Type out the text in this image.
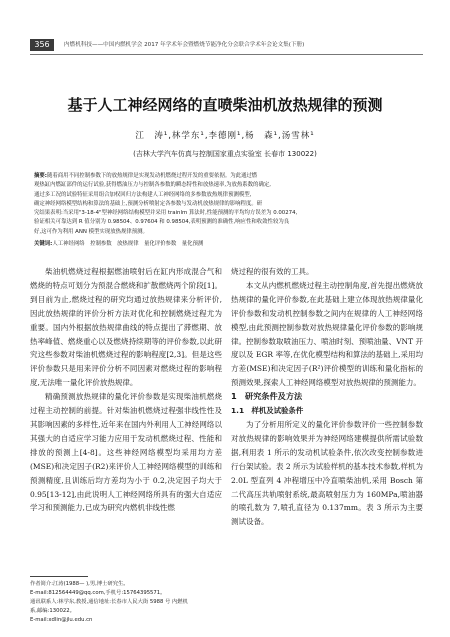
356	内燃机科技——中国内燃机学会 2017 年学术年会暨燃烧节能净化分会联合学术年会论文集(下册)
基于人工神经网络的直喷柴油机放热规律的预测
江　涛¹,林学东¹,李德刚¹,杨　森¹,汤雪林¹
(吉林大学汽车仿真与控制国家重点实验室 长春市 130022)
摘要:随着商用不同控制参数下的放热规律是实现发动机燃烧过程开发的重要依据。为此通过燃
观热缸内燃缸部件的运行试验,获得燃油压力与控制各参数的瞬态特性和放热速率,为放热系数的确定,
通过多工况的试验特征采用组合加权回归方法构建人工神经网络的多参数放热规律预测模型,
确定神经网络模型结构和算法的基础上,预测分析喷射定各参数与发动机放热规律的影响程度。研
究结果表明:当采用"3-18-4"型神经网络结构模型并采用 trainlm 算法时,性能预测的平均均方误差为 0.00274,
验证相关可靠达到 R 值分别为 0.98504、0.97604 和 0.98504,表明预测的准确性,响应性和收敛性较为良
好,这可作为利用 ANN 模型实现放热规律预测。
关键词:人工神经网络　控制参数　放热规律　量化评价参数　量化预测

柴油机燃烧过程根据燃油喷射后在缸内形成混合气和燃烧的特点可划分为预混合燃烧和扩散燃烧两个阶段[1]。到目前为止,燃烧过程的研究均通过放热规律来分析评价,因此放热规律的评价分析方法对优化和控制燃烧过程尤为重要。国内外根据放热规律曲线的特点提出了滞燃期、放热率峰值、燃烧重心以及燃烧持续期等的评价参数,以此研究这些参数对柴油机燃烧过程的影响程度[2,3]。但是这些评价参数只是用来评价分析不同因素对燃烧过程的影响程度,无法唯一量化评价放热规律。

精确预测放热规律的量化评价参数是实现柴油机燃烧过程主动控制的前提。针对柴油机燃烧过程强非线性性及其影响因素的多样性,近年来在国内外利用人工神经网络以其强大的自适应学习能力应用于发动机燃烧过程、性能和排放的预测上[4-8]。这些神经网络模型均采用均方差(MSE)和决定因子(R2)来评价人工神经网络模型的训练和预测精度,且训练后均方差均为小于 0.2,决定因子均大于 0.95[13-12],由此说明人工神经网络所具有的强大自适应学习和预测能力,已成为研究内燃机非线性燃

烧过程的很有效的工具。

本文从内燃机燃烧过程主动控制角度,首先提出燃烧放热规律的量化评价参数,在此基础上建立体现放热规律量化评价参数和发动机控制参数之间内在规律的人工神经网络模型,由此预测控制参数对放热规律量化评价参数的影响规律。控制参数取喷油压力、喷油时刻、预喷油量、VNT 开度以及 EGR 率等,在优化模型结构和算法的基础上,采用均方差(MSE)和决定因子(R²)评价模型的训练和量化指标的预测效果,探索人工神经网络模型对放热规律的预测能力。

1　研究条件及方法

1.1　样机及试验条件

为了分析用所定义的量化评价参数评价一些控制参数对放热规律的影响效果并为神经网络建模提供所需试验数据,利用表 1 所示的发动机试验条件,依次改变控制参数进行台架试验。表 2 所示为试验样机的基本技术参数,样机为 2.0L 型直列 4 冲程增压中冷直喷柴油机,采用 Bosch 第二代高压共轨喷射系统,最高喷射压力为 160MPa,喷油器的喷孔数为 7,喷孔直径为 0.137mm。表 3 所示为主要测试设备。

作者简介:江涛(1988— ),男,博士研究生。
E-mail:812564449@qq.com,手机号:15764395571。
通讯联系人:林学东,教授,通信地址:长春市人民大街 5988 号 内燃机
系,邮编:130022。
E-mail:xdlin@jlu.edu.cn
